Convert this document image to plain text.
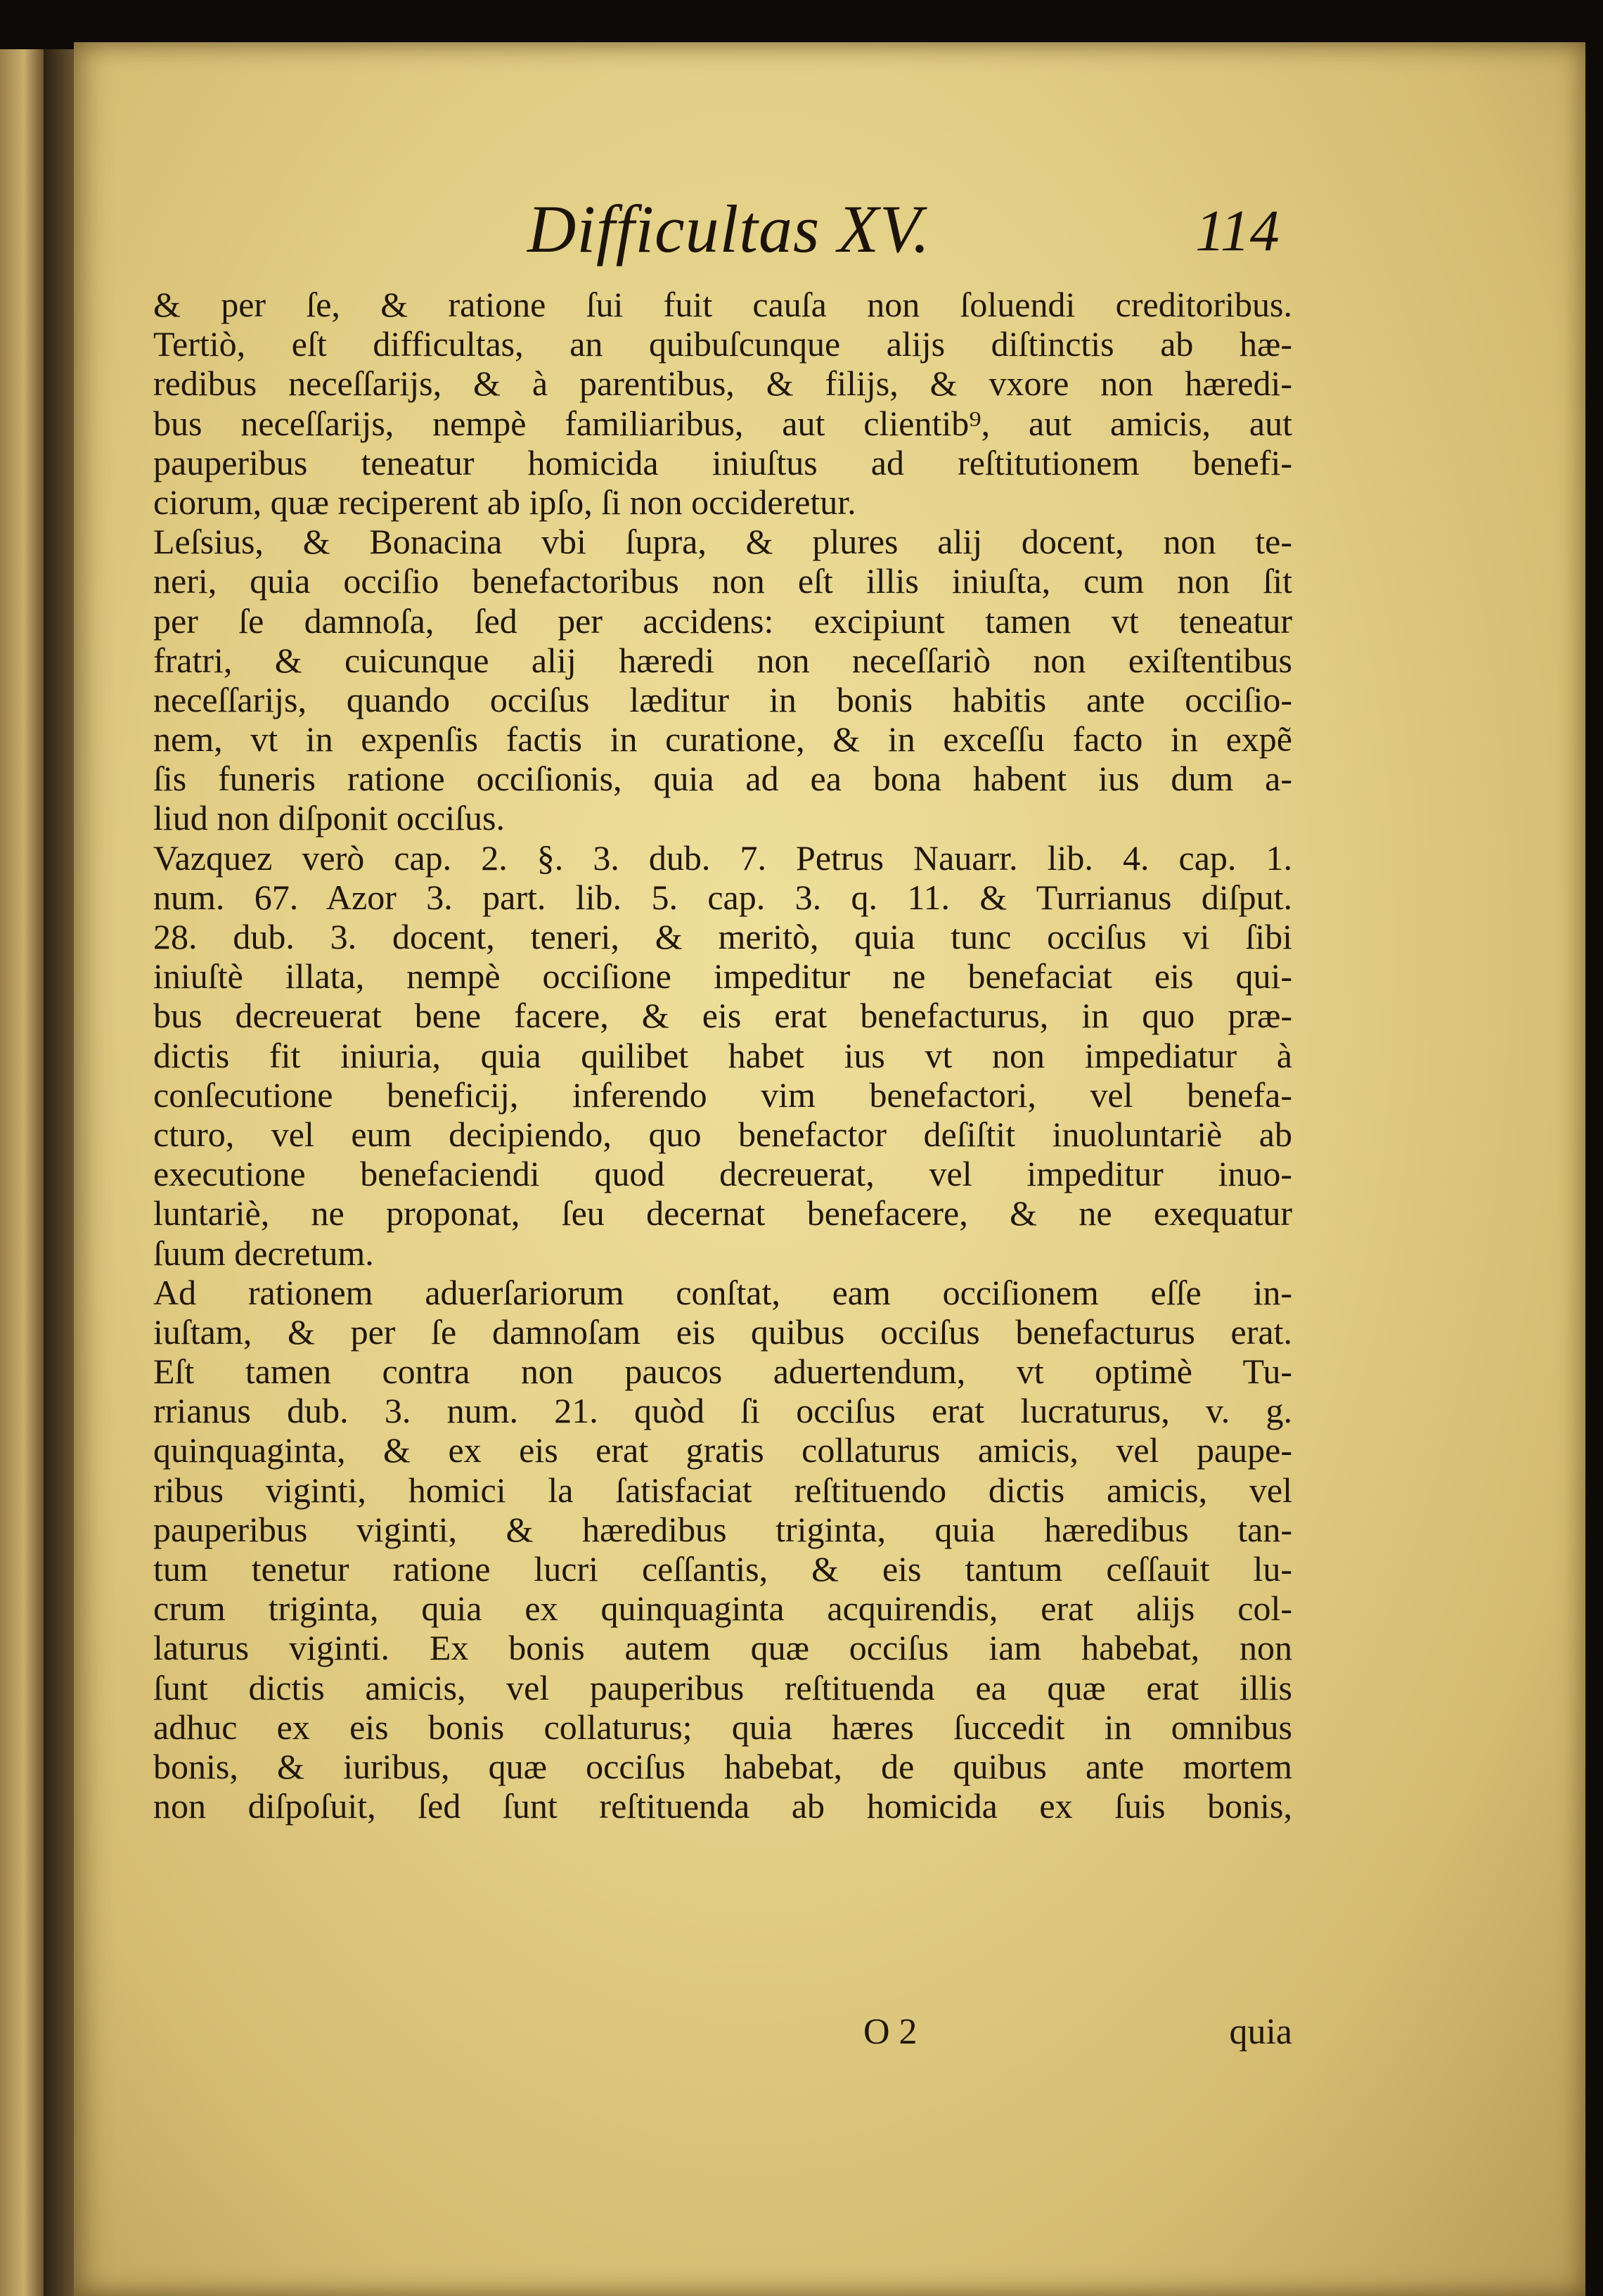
Difficultas XV.	114
& per ſe, & ratione ſui fuit cauſa non ſoluendi creditoribus.
Tertiò, eſt difficultas, an quibuſcunque alijs diſtinctis ab hæ-
redibus neceſſarijs, & à parentibus, & filijs, & vxore non hæredi-
bus neceſſarijs, nempè familiaribus, aut clientib⁹, aut amicis, aut
pauperibus teneatur homicida iniuſtus ad reſtitutionem benefi-
ciorum, quæ reciperent ab ipſo, ſi non occideretur.
Leſsius, & Bonacina vbi ſupra, & plures alij docent, non te-
neri, quia occiſio benefactoribus non eſt illis iniuſta, cum non ſit
per ſe damnoſa, ſed per accidens: excipiunt tamen vt teneatur
fratri, & cuicunque alij hæredi non neceſſariò non exiſtentibus
neceſſarijs, quando occiſus læditur in bonis habitis ante occiſio-
nem, vt in expenſis factis in curatione, & in exceſſu facto in expẽ
ſis funeris ratione occiſionis, quia ad ea bona habent ius dum a-
liud non diſponit occiſus.
Vazquez verò cap. 2. §. 3. dub. 7. Petrus Nauarr. lib. 4. cap. 1.
num. 67. Azor 3. part. lib. 5. cap. 3. q. 11. & Turrianus diſput.
28. dub. 3. docent, teneri, & meritò, quia tunc occiſus vi ſibi
iniuſtè illata, nempè occiſione impeditur ne benefaciat eis qui-
bus decreuerat bene facere, & eis erat benefacturus, in quo præ-
dictis fit iniuria, quia quilibet habet ius vt non impediatur à
conſecutione beneficij, inferendo vim benefactori, vel benefa-
cturo, vel eum decipiendo, quo benefactor deſiſtit inuoluntariè ab
executione benefaciendi quod decreuerat, vel impeditur inuo-
luntariè, ne proponat, ſeu decernat benefacere, & ne exequatur
ſuum decretum.
Ad rationem aduerſariorum conſtat, eam occiſionem eſſe in-
iuſtam, & per ſe damnoſam eis quibus occiſus benefacturus erat.
Eſt tamen contra non paucos aduertendum, vt optimè Tu-
rrianus dub. 3. num. 21. quòd ſi occiſus erat lucraturus, v. g.
quinquaginta, & ex eis erat gratis collaturus amicis, vel paupe-
ribus viginti, homici la ſatisfaciat reſtituendo dictis amicis, vel
pauperibus viginti, & hæredibus triginta, quia hæredibus tan-
tum tenetur ratione lucri ceſſantis, & eis tantum ceſſauit lu-
crum triginta, quia ex quinquaginta acquirendis, erat alijs col-
laturus viginti. Ex bonis autem quæ occiſus iam habebat, non
ſunt dictis amicis, vel pauperibus reſtituenda ea quæ erat illis
adhuc ex eis bonis collaturus; quia hæres ſuccedit in omnibus
bonis, & iuribus, quæ occiſus habebat, de quibus ante mortem
non diſpoſuit, ſed ſunt reſtituenda ab homicida ex ſuis bonis,
O 2	quia
